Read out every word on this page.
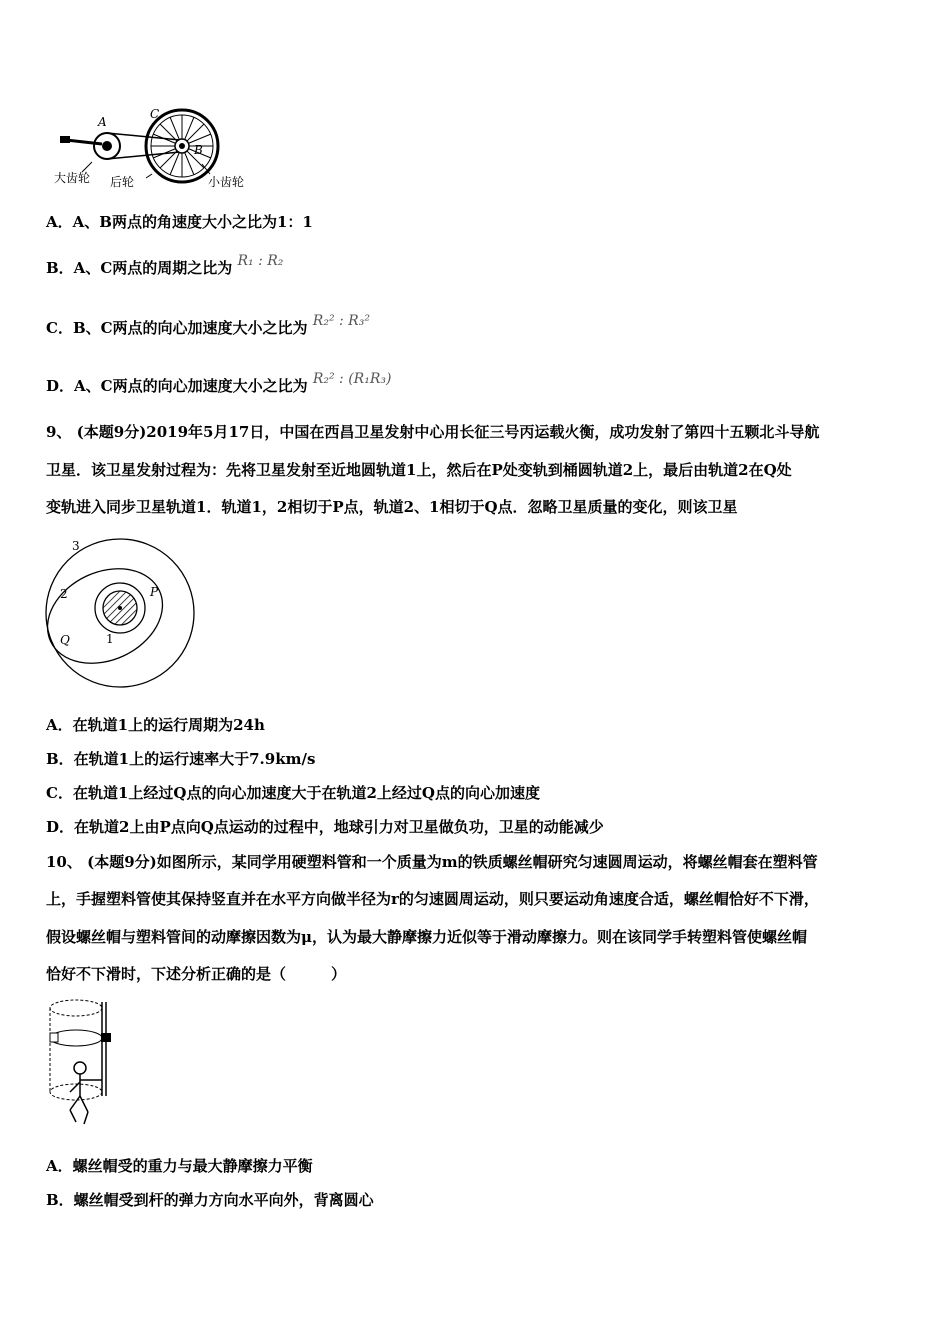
A
B
C
大齿轮 后轮	小齿轮
A．A、B两点的角速度大小之比为1：1
B．A、C两点的周期之比为 R₁ : R₂
C．B、C两点的向心加速度大小之比为 R₂² : R₃²
D．A、C两点的向心加速度大小之比为 R₂² : (R₁R₃)
9、 (本题9分)2019年5月17日，中国在西昌卫星发射中心用长征三号丙运载火衡，成功发射了第四十五颗北斗导航
卫星．该卫星发射过程为：先将卫星发射至近地圆轨道1上，然后在P处变轨到桶圆轨道2上，最后由轨道2在Q处
变轨进入同步卫星轨道1．轨道1，2相切于P点，轨道2、1相切于Q点．忽略卫星质量的变化，则该卫星
3
2	P
Q	1
A．在轨道1上的运行周期为24h
B．在轨道1上的运行速率大于7.9km/s
C．在轨道1上经过Q点的向心加速度大于在轨道2上经过Q点的向心加速度
D．在轨道2上由P点向Q点运动的过程中，地球引力对卫星做负功，卫星的动能减少
10、 (本题9分)如图所示，某同学用硬塑料管和一个质量为m的铁质螺丝帽研究匀速圆周运动，将螺丝帽套在塑料管
上，手握塑料管使其保持竖直并在水平方向做半径为r的匀速圆周运动，则只要运动角速度合适，螺丝帽恰好不下滑，
假设螺丝帽与塑料管间的动摩擦因数为μ，认为最大静摩擦力近似等于滑动摩擦力。则在该同学手转塑料管使螺丝帽
恰好不下滑时，下述分析正确的是（　　　）
A．螺丝帽受的重力与最大静摩擦力平衡
B．螺丝帽受到杆的弹力方向水平向外，背离圆心
